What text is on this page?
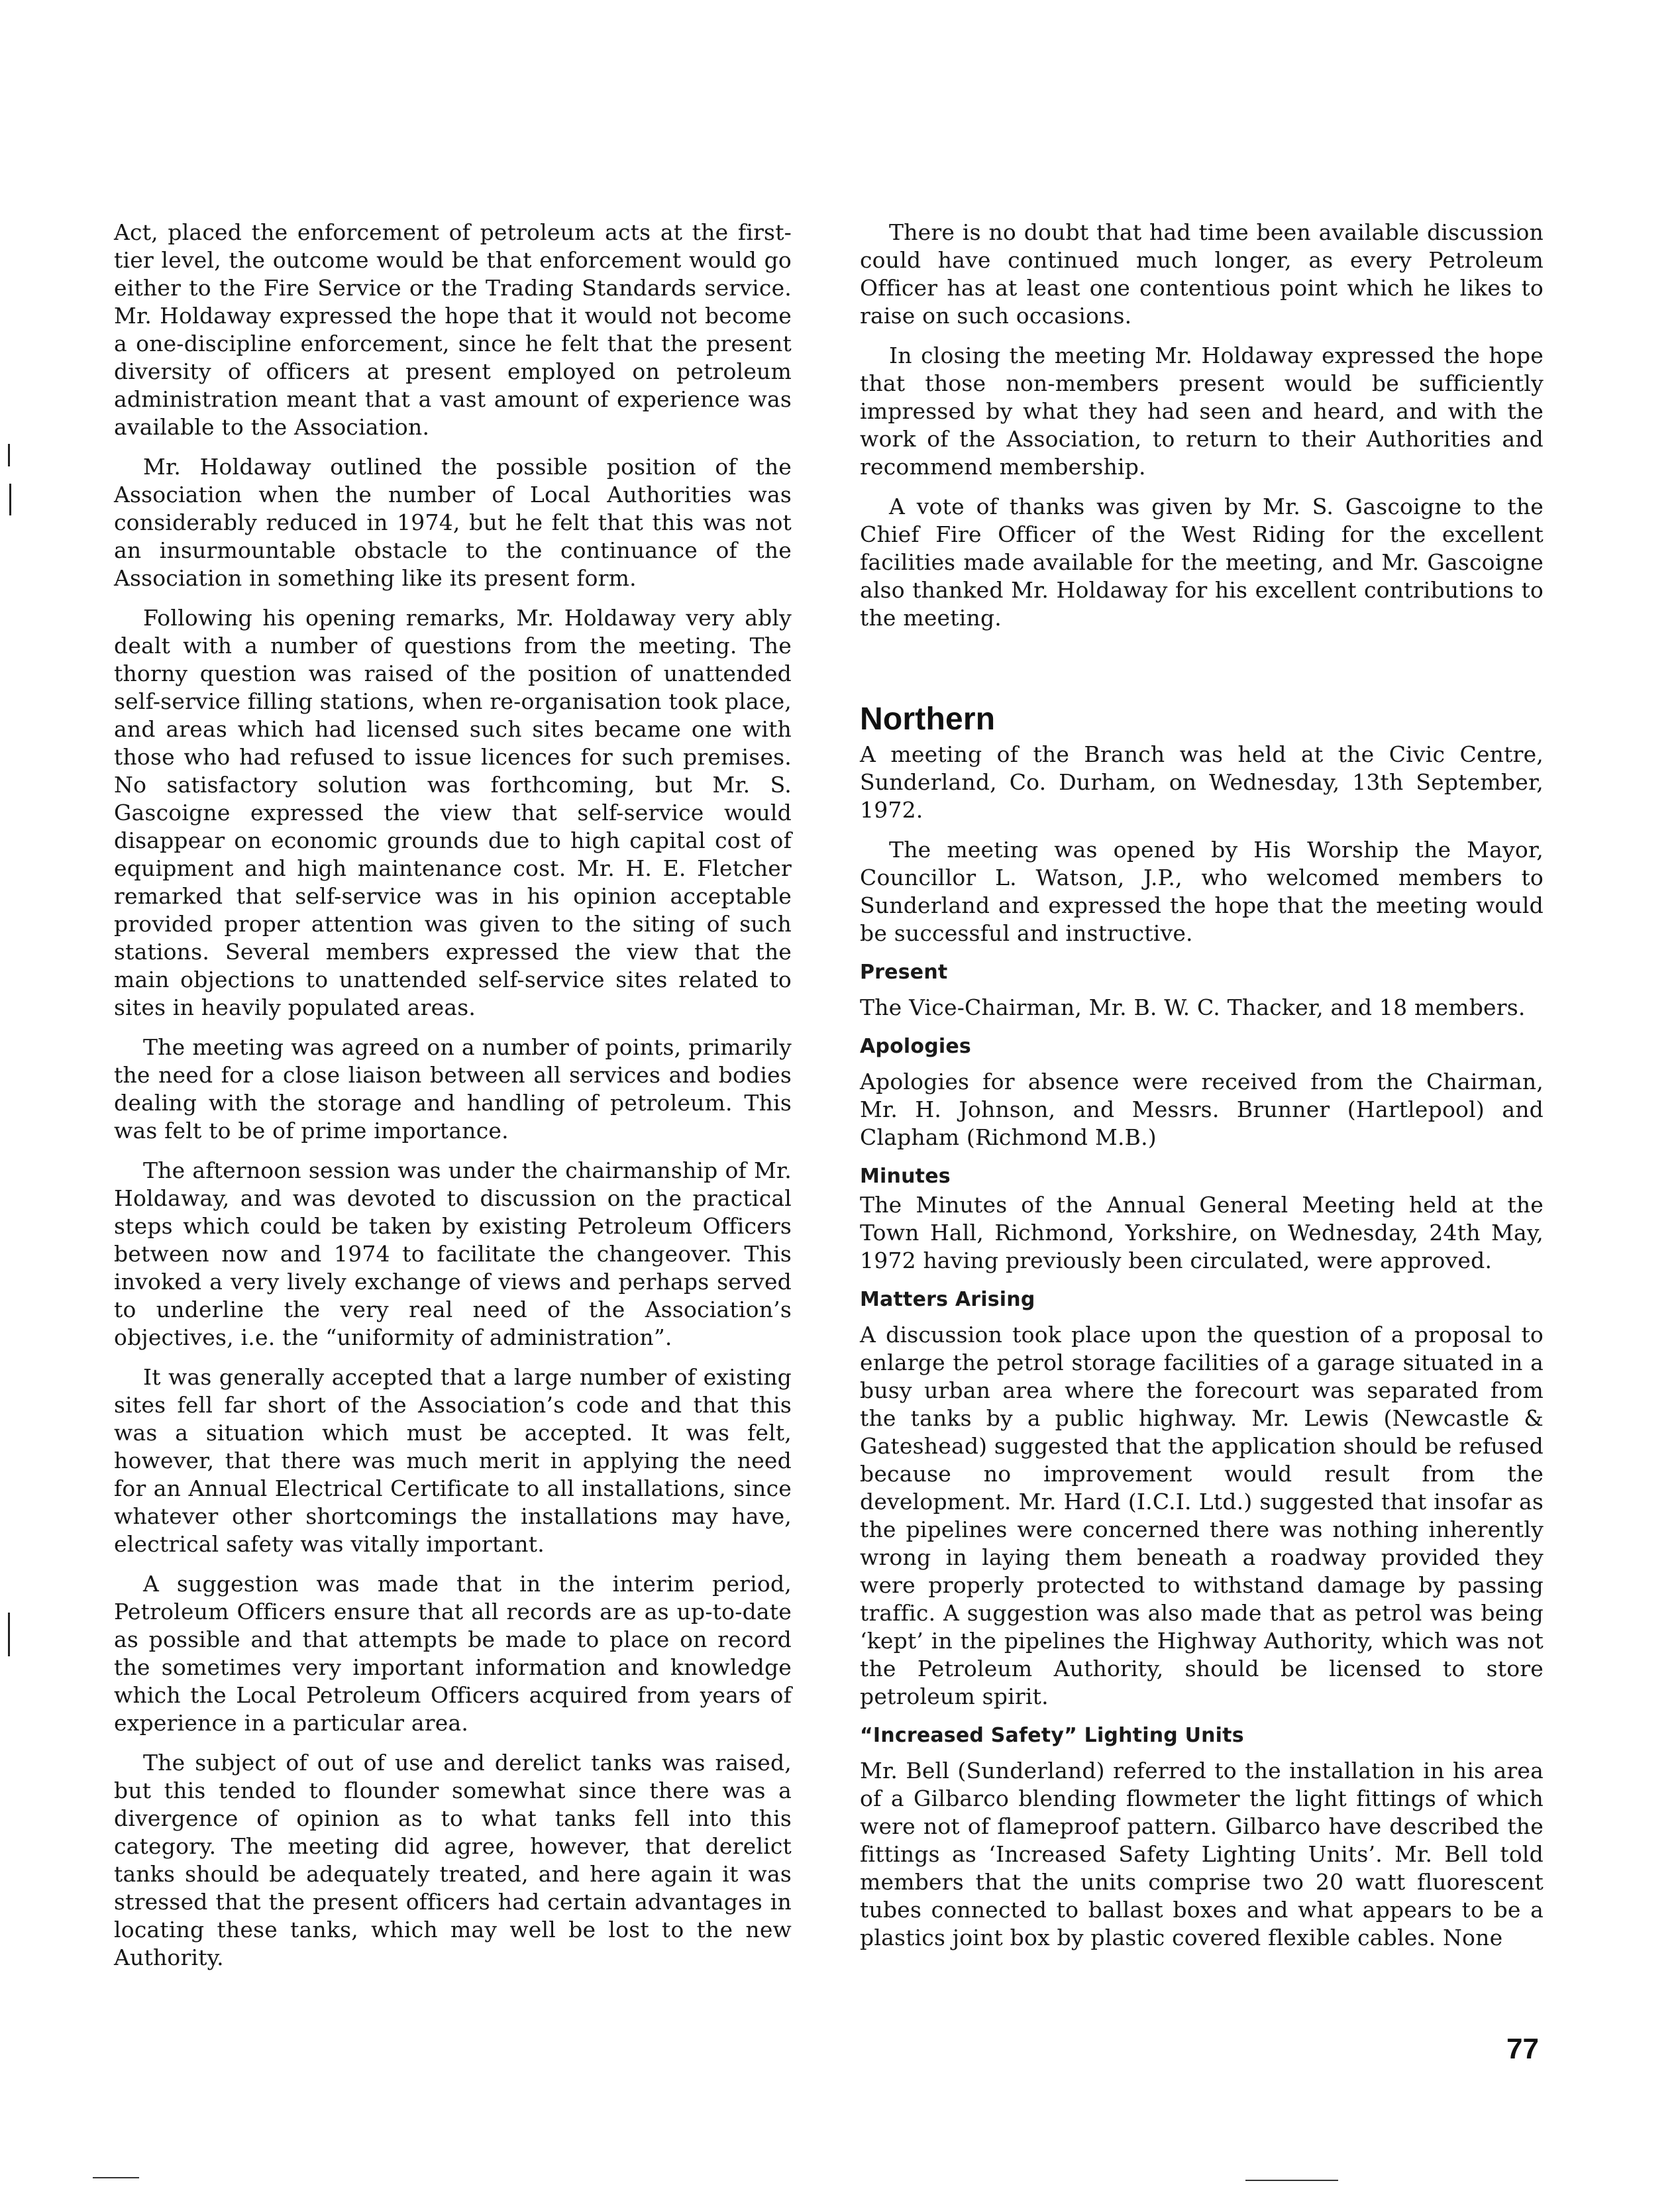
Act, placed the enforcement of petroleum acts at the first-tier level, the outcome would be that enforcement would go either to the Fire Service or the Trading Standards service. Mr. Holdaway expressed the hope that it would not become a one-discipline enforcement, since he felt that the present diversity of officers at present employed on petroleum administration meant that a vast amount of experience was available to the Association.

Mr. Holdaway outlined the possible position of the Association when the number of Local Authorities was considerably reduced in 1974, but he felt that this was not an insurmountable obstacle to the continuance of the Association in something like its present form.

Following his opening remarks, Mr. Holdaway very ably dealt with a number of questions from the meeting. The thorny question was raised of the position of unattended self-service filling stations, when re-organisation took place, and areas which had licensed such sites became one with those who had refused to issue licences for such premises. No satisfactory solution was forthcoming, but Mr. S. Gascoigne expressed the view that self-service would disappear on economic grounds due to high capital cost of equipment and high maintenance cost. Mr. H. E. Fletcher remarked that self-service was in his opinion acceptable provided proper attention was given to the siting of such stations. Several members expressed the view that the main objections to unattended self-service sites related to sites in heavily populated areas.

The meeting was agreed on a number of points, primarily the need for a close liaison between all services and bodies dealing with the storage and handling of petroleum. This was felt to be of prime importance.

The afternoon session was under the chairmanship of Mr. Holdaway, and was devoted to discussion on the practical steps which could be taken by existing Petroleum Officers between now and 1974 to facilitate the changeover. This invoked a very lively exchange of views and perhaps served to underline the very real need of the Association’s objectives, i.e. the “uniformity of administration”.

It was generally accepted that a large number of existing sites fell far short of the Association’s code and that this was a situation which must be accepted. It was felt, however, that there was much merit in applying the need for an Annual Electrical Certificate to all installations, since whatever other shortcomings the installations may have, electrical safety was vitally important.

A suggestion was made that in the interim period, Petroleum Officers ensure that all records are as up-to-date as possible and that attempts be made to place on record the sometimes very important information and knowledge which the Local Petroleum Officers acquired from years of experience in a particular area.

The subject of out of use and derelict tanks was raised, but this tended to flounder somewhat since there was a divergence of opinion as to what tanks fell into this category. The meeting did agree, however, that derelict tanks should be adequately treated, and here again it was stressed that the present officers had certain advantages in locating these tanks, which may well be lost to the new Authority.

There is no doubt that had time been available discussion could have continued much longer, as every Petroleum Officer has at least one contentious point which he likes to raise on such occasions.

In closing the meeting Mr. Holdaway expressed the hope that those non-members present would be sufficiently impressed by what they had seen and heard, and with the work of the Association, to return to their Authorities and recommend membership.

A vote of thanks was given by Mr. S. Gascoigne to the Chief Fire Officer of the West Riding for the excellent facilities made available for the meeting, and Mr. Gascoigne also thanked Mr. Holdaway for his excellent contributions to the meeting.

Northern

A meeting of the Branch was held at the Civic Centre, Sunderland, Co. Durham, on Wednesday, 13th September, 1972.

The meeting was opened by His Worship the Mayor, Councillor L. Watson, J.P., who welcomed members to Sunderland and expressed the hope that the meeting would be successful and instructive.

Present

The Vice-Chairman, Mr. B. W. C. Thacker, and 18 members.

Apologies

Apologies for absence were received from the Chairman, Mr. H. Johnson, and Messrs. Brunner (Hartlepool) and Clapham (Richmond M.B.)

Minutes

The Minutes of the Annual General Meeting held at the Town Hall, Richmond, Yorkshire, on Wednesday, 24th May, 1972 having previously been circulated, were approved.

Matters Arising

A discussion took place upon the question of a proposal to enlarge the petrol storage facilities of a garage situated in a busy urban area where the forecourt was separated from the tanks by a public highway. Mr. Lewis (Newcastle & Gateshead) suggested that the application should be refused because no improvement would result from the development. Mr. Hard (I.C.I. Ltd.) suggested that insofar as the pipelines were concerned there was nothing inherently wrong in laying them beneath a roadway provided they were properly protected to withstand damage by passing traffic. A suggestion was also made that as petrol was being ‘kept’ in the pipelines the Highway Authority, which was not the Petroleum Authority, should be licensed to store petroleum spirit.

“Increased Safety” Lighting Units

Mr. Bell (Sunderland) referred to the installation in his area of a Gilbarco blending flowmeter the light fittings of which were not of flameproof pattern. Gilbarco have described the fittings as ‘Increased Safety Lighting Units’. Mr. Bell told members that the units comprise two 20 watt fluorescent tubes connected to ballast boxes and what appears to be a plastics joint box by plastic covered flexible cables. None

77
